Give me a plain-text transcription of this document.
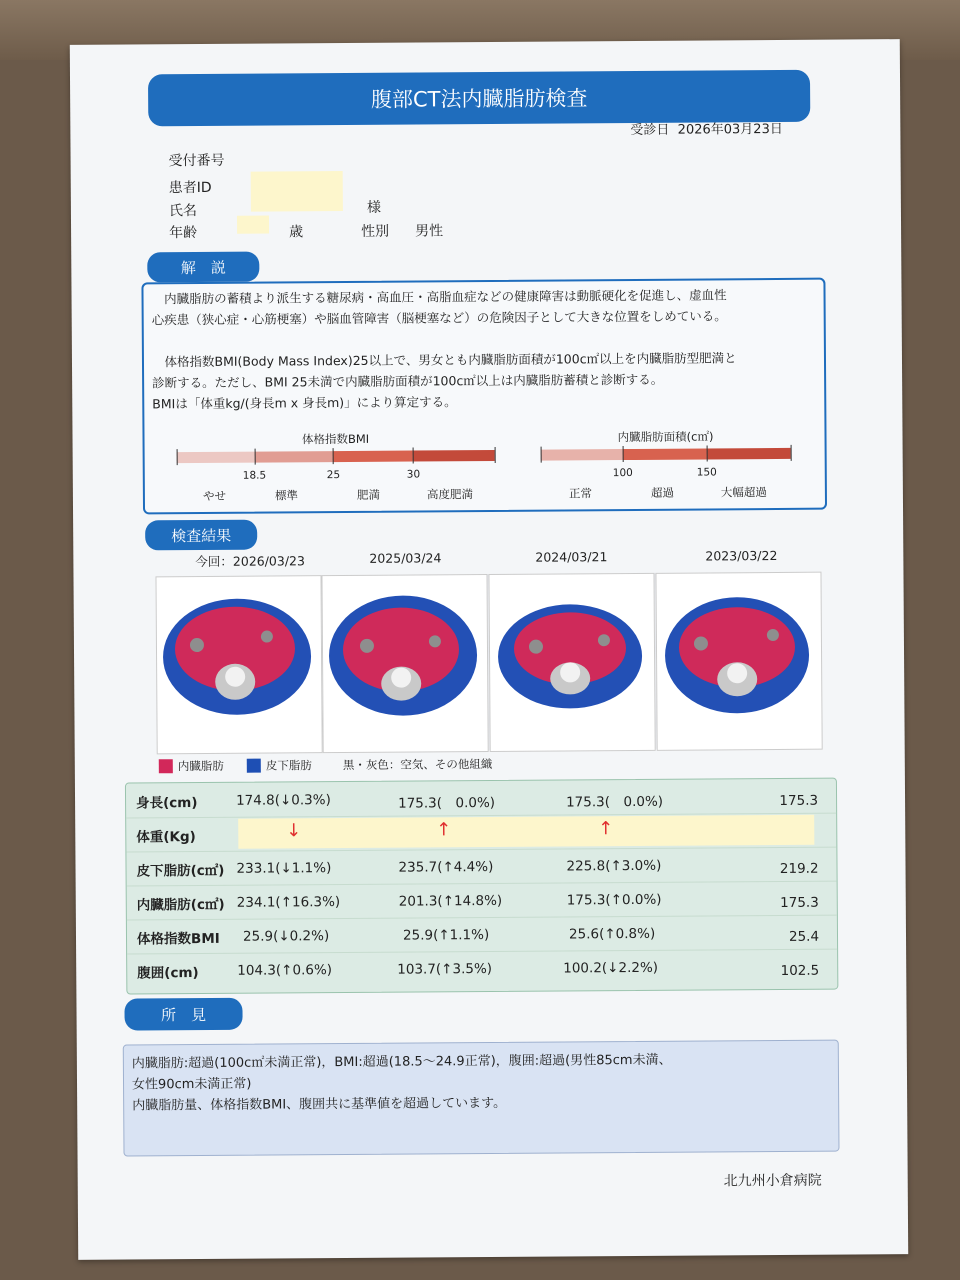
腹部CT法内臓脂肪検査
受診日 2026年03月23日
受付番号
患者ID
氏名
年齢
様
歳	性別 男性
解　説
　内臓脂肪の蓄積より派生する糖尿病・高血圧・高脂血症などの健康障害は動脈硬化を促進し、虚血性
心疾患（狭心症・心筋梗塞）や脳血管障害（脳梗塞など）の危険因子として大きな位置をしめている。
　体格指数BMI(Body Mass Index)25以上で、男女とも内臓脂肪面積が100c㎡以上を内臓脂肪型肥満と
診断する。ただし、BMI 25未満で内臓脂肪面積が100c㎡以上は内臓脂肪蓄積と診断する。
BMIは「体重kg/(身長m x 身長m)」により算定する。
体格指数BMI
18.5	25	30
やせ	標準	肥満	高度肥満
内臓脂肪面積(c㎡)
100	150
正常	超過	大幅超過
検査結果
今回：2026/03/23	2025/03/24	2024/03/21	2023/03/22
内臓脂肪	皮下脂肪	黒・灰色：空気、その他組織
身長(cm)	174.8(↓0.3%)	175.3(　0.0%)	175.3(　0.0%)	175.3
体重(Kg)	↓	↑	↑
皮下脂肪(c㎡) 233.1(↓1.1%)	235.7(↑4.4%)	225.8(↑3.0%)	219.2
内臓脂肪(c㎡) 234.1(↑16.3%)	201.3(↑14.8%)	175.3(↑0.0%)	175.3
体格指数BMI 25.9(↓0.2%)	25.9(↑1.1%)	25.6(↑0.8%)	25.4
腹囲(cm)	104.3(↑0.6%)	103.7(↑3.5%)	100.2(↓2.2%)	102.5
所　見
内臓脂肪:超過(100c㎡未満正常)，BMI:超過(18.5～24.9正常)，腹囲:超過(男性85cm未満、
女性90cm未満正常)
内臓脂肪量、体格指数BMI、腹囲共に基準値を超過しています。
北九州小倉病院
